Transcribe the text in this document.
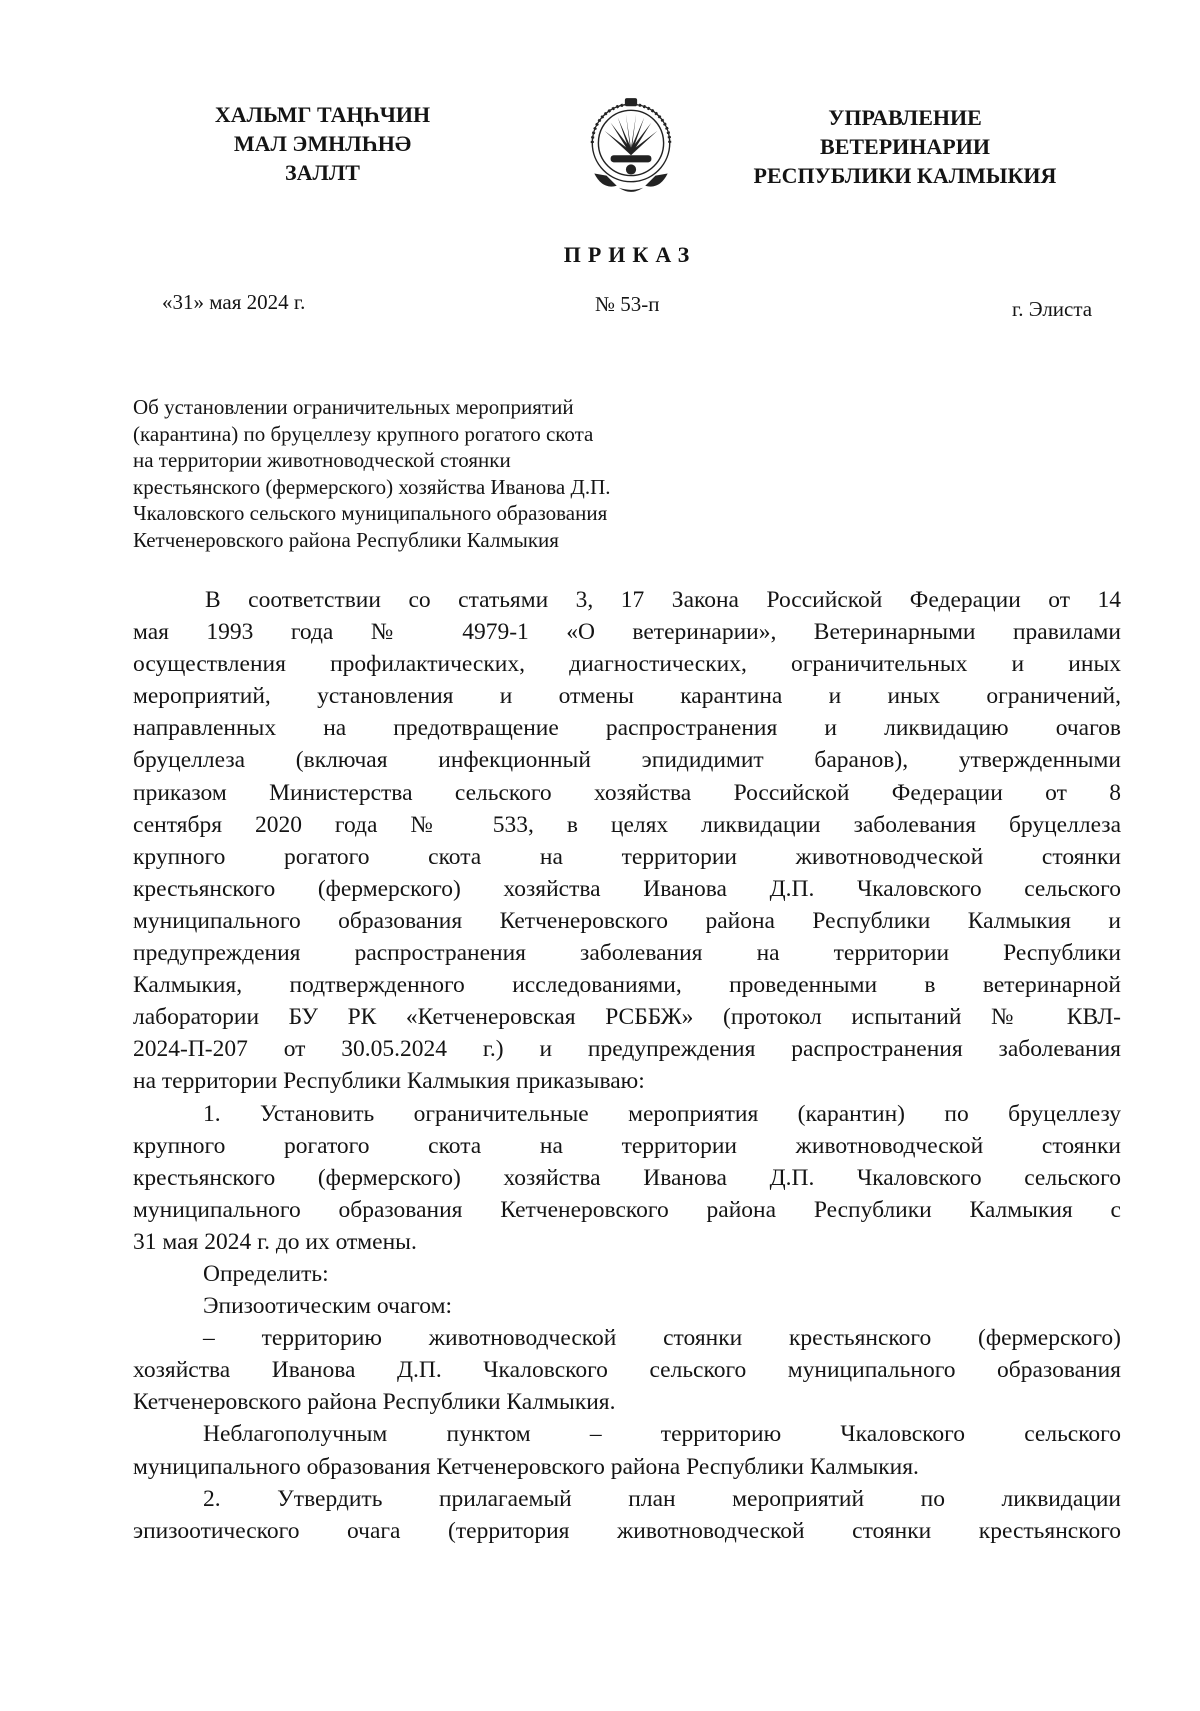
ХАЛЬМГ ТАҢҺЧИН
МАЛ ЭМНЛҺНӘ
ЗАЛЛТ
УПРАВЛЕНИЕ
ВЕТЕРИНАРИИ
РЕСПУБЛИКИ КАЛМЫКИЯ
ПРИКАЗ
«31» мая 2024 г.	№ 53-п	г. Элиста
Об установлении ограничительных мероприятий
(карантина) по бруцеллезу крупного рогатого скота
на территории животноводческой стоянки
крестьянского (фермерского) хозяйства Иванова Д.П.
Чкаловского сельского муниципального образования
Кетченеровского района Республики Калмыкия
В соответствии со статьями 3, 17 Закона Российской Федерации от 14
мая 1993 года № 4979-1 «О ветеринарии», Ветеринарными правилами
осуществления профилактических, диагностических, ограничительных и иных
мероприятий, установления и отмены карантина и иных ограничений,
направленных на предотвращение распространения и ликвидацию очагов
бруцеллеза (включая инфекционный эпидидимит баранов), утвержденными
приказом Министерства сельского хозяйства Российской Федерации от 8
сентября 2020 года № 533, в целях ликвидации заболевания бруцеллеза
крупного рогатого скота на территории животноводческой стоянки
крестьянского (фермерского) хозяйства Иванова Д.П. Чкаловского сельского
муниципального образования Кетченеровского района Республики Калмыкия и
предупреждения распространения заболевания на территории Республики
Калмыкия, подтвержденного исследованиями, проведенными в ветеринарной
лаборатории БУ РК «Кетченеровская РСББЖ» (протокол испытаний № КВЛ-
2024-П-207 от 30.05.2024 г.) и предупреждения распространения заболевания
на территории Республики Калмыкия приказываю:
1. Установить ограничительные мероприятия (карантин) по бруцеллезу
крупного рогатого скота на территории животноводческой стоянки
крестьянского (фермерского) хозяйства Иванова Д.П. Чкаловского сельского
муниципального образования Кетченеровского района Республики Калмыкия с
31 мая 2024 г. до их отмены.
Определить:
Эпизоотическим очагом:
– территорию животноводческой стоянки крестьянского (фермерского)
хозяйства Иванова Д.П. Чкаловского сельского муниципального образования
Кетченеровского района Республики Калмыкия.
Неблагополучным пунктом – территорию Чкаловского сельского
муниципального образования Кетченеровского района Республики Калмыкия.
2. Утвердить прилагаемый план мероприятий по ликвидации
эпизоотического очага (территория животноводческой стоянки крестьянского
